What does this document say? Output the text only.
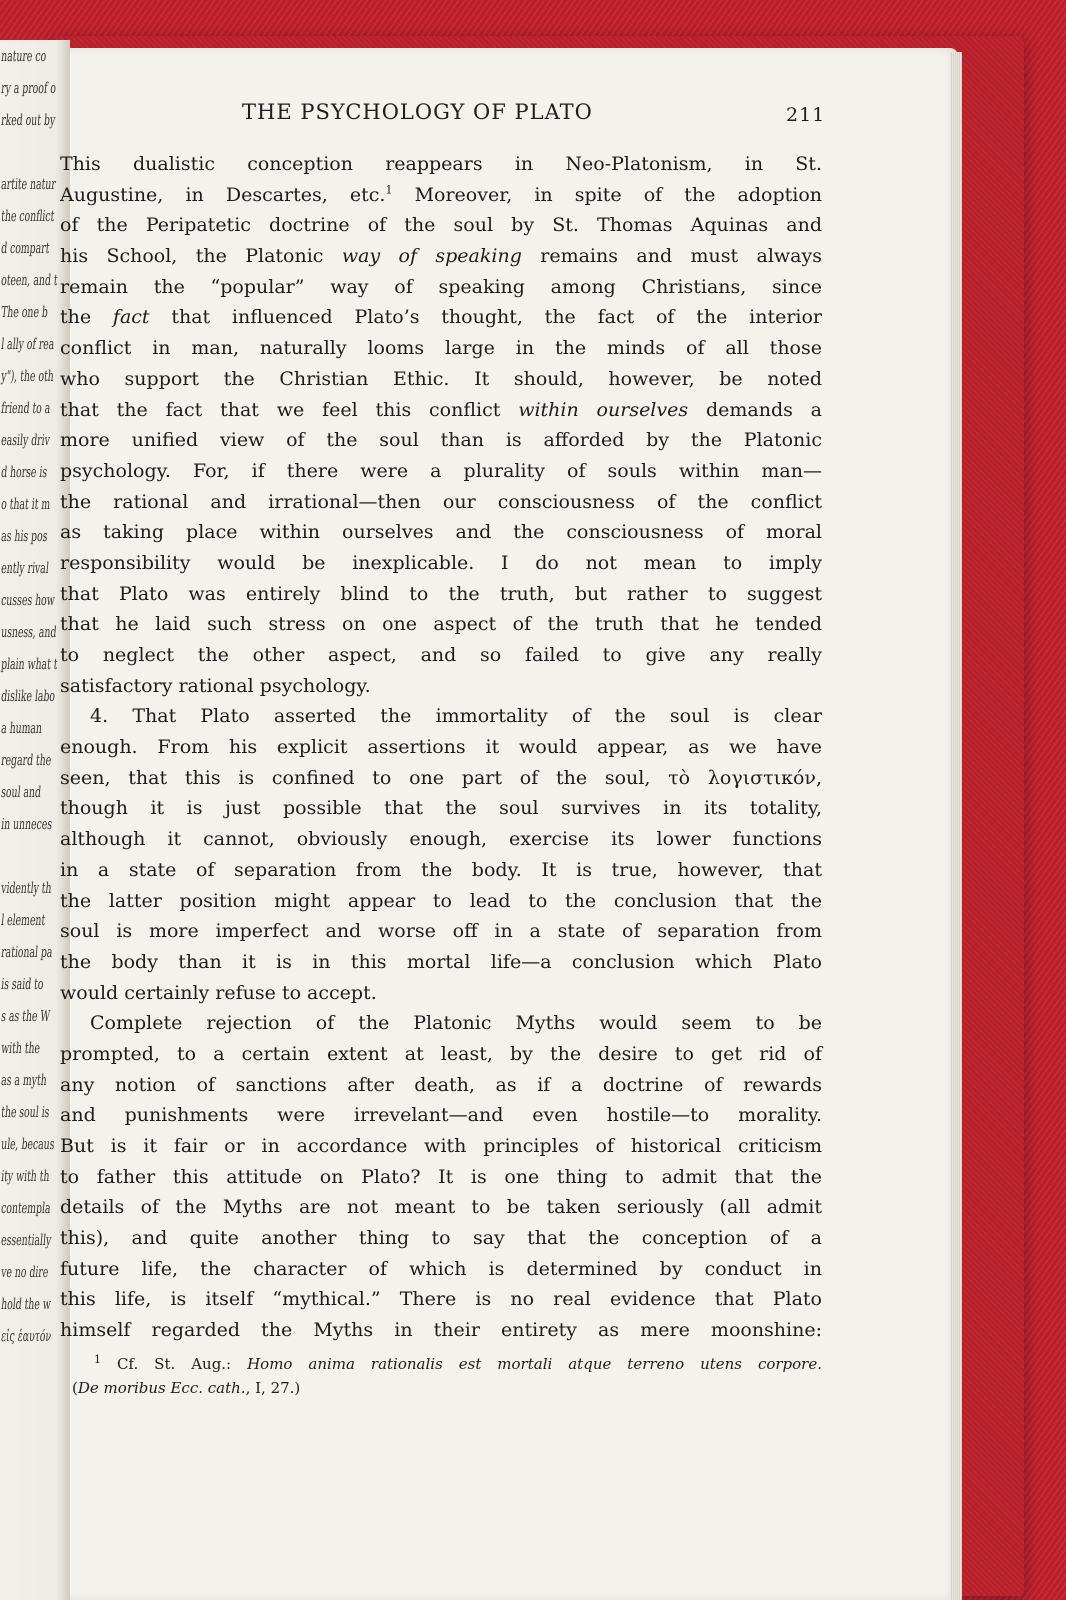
nature co
ry a proof o
rked out by
artite natur
the conflict
d compart
oteen, and t
The one b
l ally of rea
y"), the oth
friend to a
easily driv
d horse is
o that it m
as his pos
ently rival
cusses how
usness, and
plain what t
dislike labo
a human
regard the
soul and
in unneces
vidently th
l element
rational pa
is said to
s as the W
with the
as a myth
the soul is
ule, becaus
ity with th
contempla
essentially
ve no dire
hold the w
εἰς ἑαυτόν
THE PSYCHOLOGY OF PLATO	211
This dualistic conception reappears in Neo-Platonism, in St.
Augustine, in Descartes, etc.$^1$ Moreover, in spite of the adoption
of the Peripatetic doctrine of the soul by St. Thomas Aquinas and
his School, the Platonic way of speaking remains and must always
remain the “popular” way of speaking among Christians, since
the fact that influenced Plato’s thought, the fact of the interior
conflict in man, naturally looms large in the minds of all those
who support the Christian Ethic. It should, however, be noted
that the fact that we feel this conflict within ourselves demands a
more unified view of the soul than is afforded by the Platonic
psychology. For, if there were a plurality of souls within man—
the rational and irrational—then our consciousness of the conflict
as taking place within ourselves and the consciousness of moral
responsibility would be inexplicable. I do not mean to imply
that Plato was entirely blind to the truth, but rather to suggest
that he laid such stress on one aspect of the truth that he tended
to neglect the other aspect, and so failed to give any really
satisfactory rational psychology.
4. That Plato asserted the immortality of the soul is clear
enough. From his explicit assertions it would appear, as we have
seen, that this is confined to one part of the soul, τὸ λογιστικόν,
though it is just possible that the soul survives in its totality,
although it cannot, obviously enough, exercise its lower functions
in a state of separation from the body. It is true, however, that
the latter position might appear to lead to the conclusion that the
soul is more imperfect and worse off in a state of separation from
the body than it is in this mortal life—a conclusion which Plato
would certainly refuse to accept.
Complete rejection of the Platonic Myths would seem to be
prompted, to a certain extent at least, by the desire to get rid of
any notion of sanctions after death, as if a doctrine of rewards
and punishments were irrevelant—and even hostile—to morality.
But is it fair or in accordance with principles of historical criticism
to father this attitude on Plato? It is one thing to admit that the
details of the Myths are not meant to be taken seriously (all admit
this), and quite another thing to say that the conception of a
future life, the character of which is determined by conduct in
this life, is itself “mythical.” There is no real evidence that Plato
himself regarded the Myths in their entirety as mere moonshine:
$^1$ Cf. St. Aug.: Homo anima rationalis est mortali atque terreno utens corpore.
(De moribus Ecc. cath., I, 27.)
